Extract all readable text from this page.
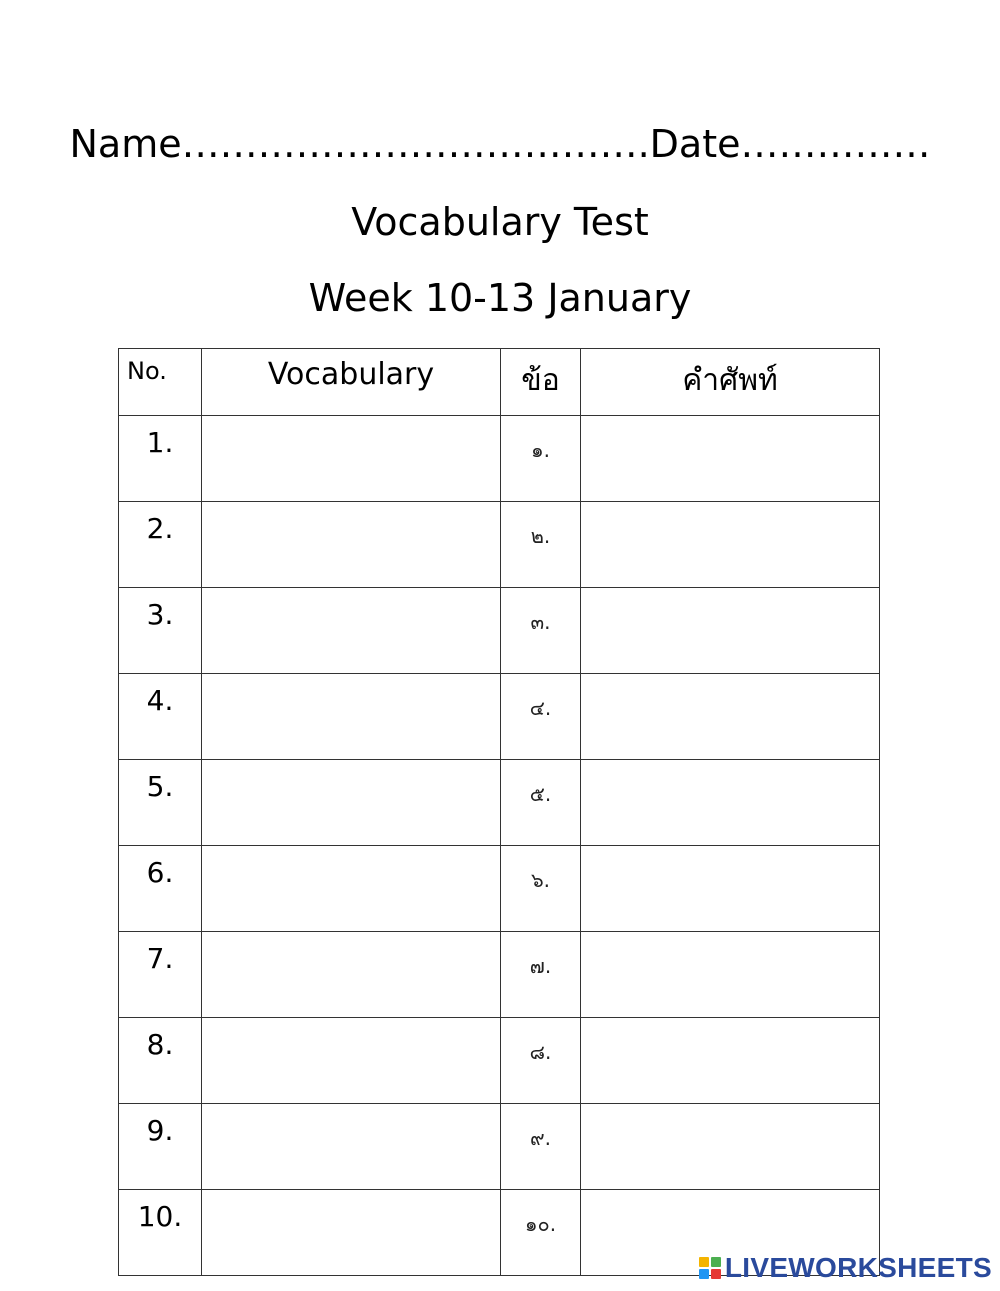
Name……………………………….Date……………
Vocabulary Test
Week 10-13 January
No.	Vocabulary	ข้อ	คำศัพท์
1.		๑.	
2.		๒.	
3.		๓.	
4.		๔.	
5.		๕.	
6.		๖.	
7.		๗.	
8.		๘.	
9.		๙.	
10.		๑๐.	
LIVEWORKSHEETS
